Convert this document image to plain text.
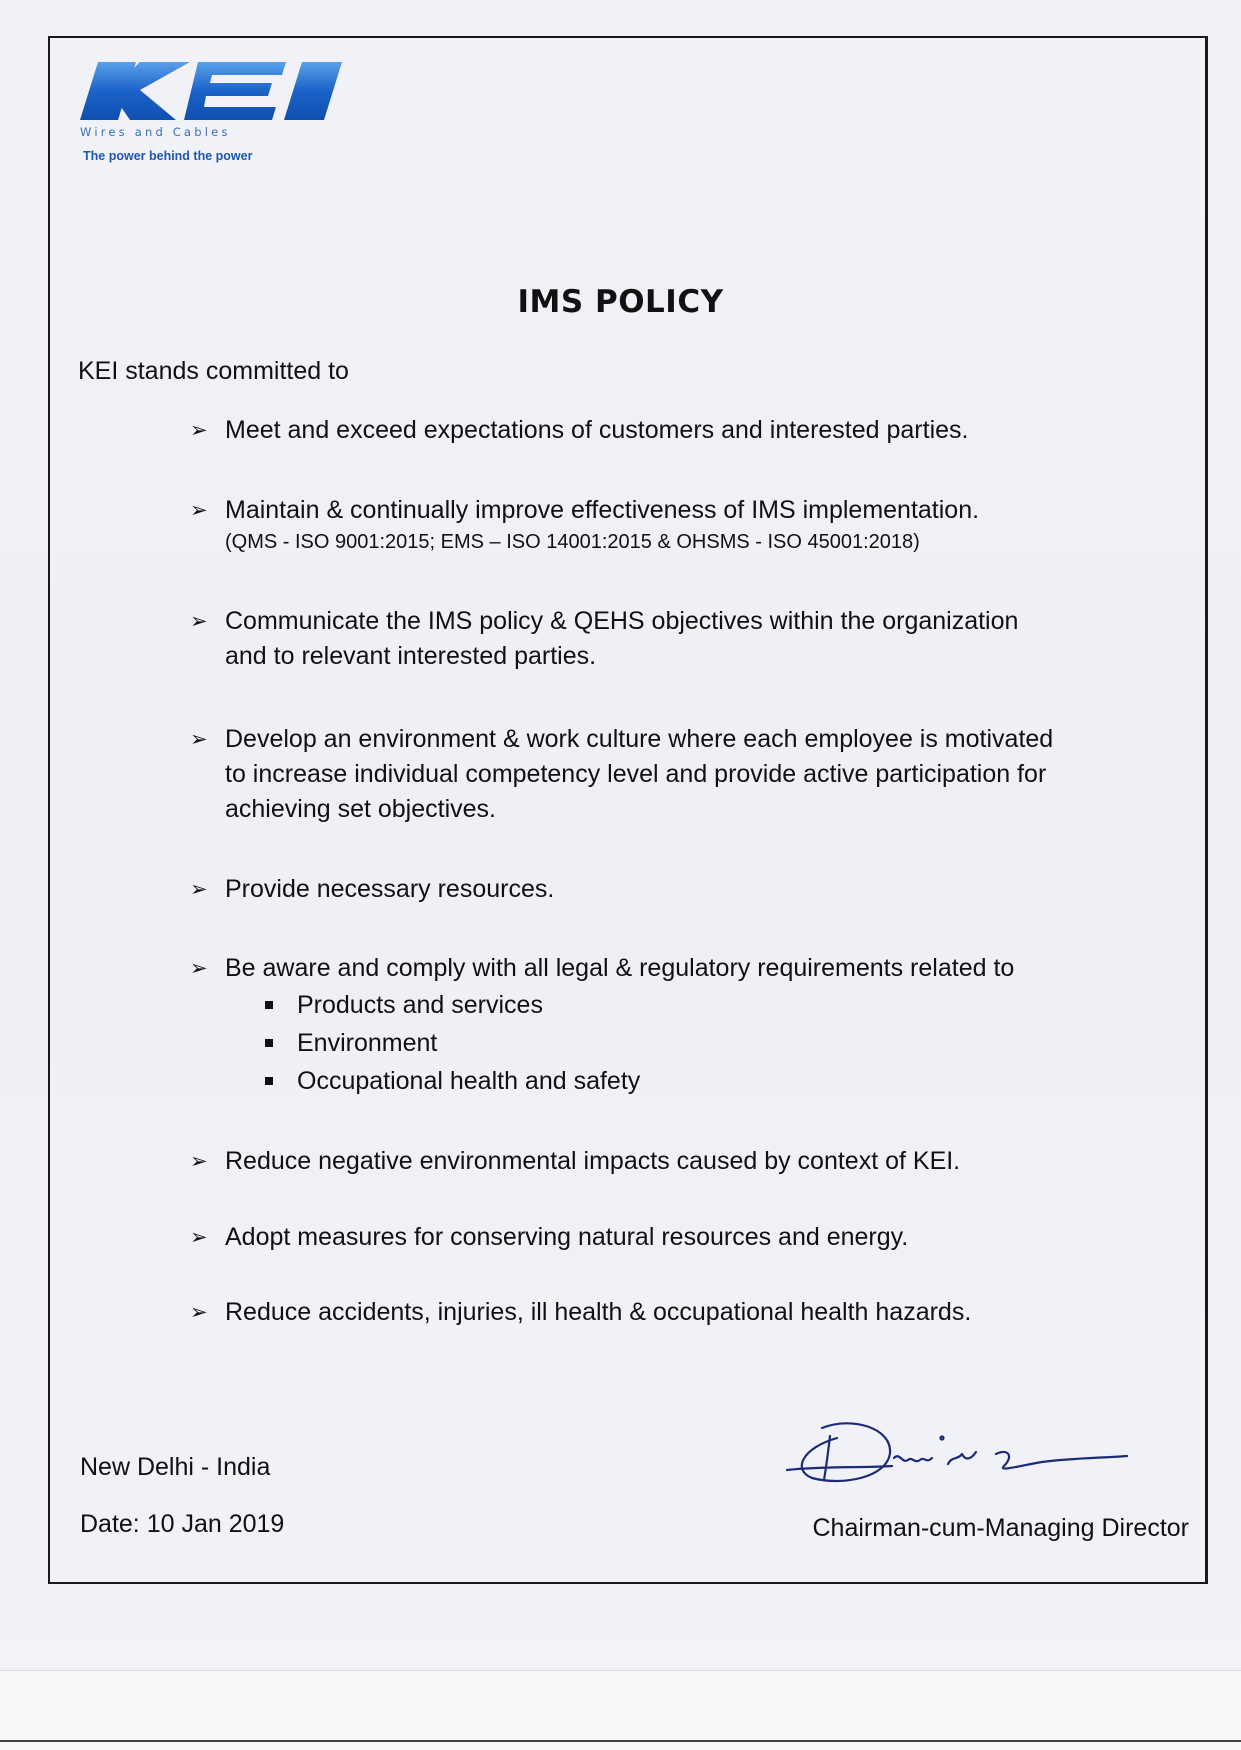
Wires and Cables
The power behind the power
IMS POLICY
KEI stands committed to
➢ Meet and exceed expectations of customers and interested parties.
➢ Maintain & continually improve effectiveness of IMS implementation.
(QMS - ISO 9001:2015; EMS – ISO 14001:2015 & OHSMS - ISO 45001:2018)
➢ Communicate the IMS policy & QEHS objectives within the organization
and to relevant interested parties.
➢ Develop an environment & work culture where each employee is motivated
to increase individual competency level and provide active participation for
achieving set objectives.
➢ Provide necessary resources.
➢ Be aware and comply with all legal & regulatory requirements related to
Products and services
Environment
Occupational health and safety
➢ Reduce negative environmental impacts caused by context of KEI.
➢ Adopt measures for conserving natural resources and energy.
➢ Reduce accidents, injuries, ill health & occupational health hazards.
New Delhi - India
Date: 10 Jan 2019	Chairman-cum-Managing Director
